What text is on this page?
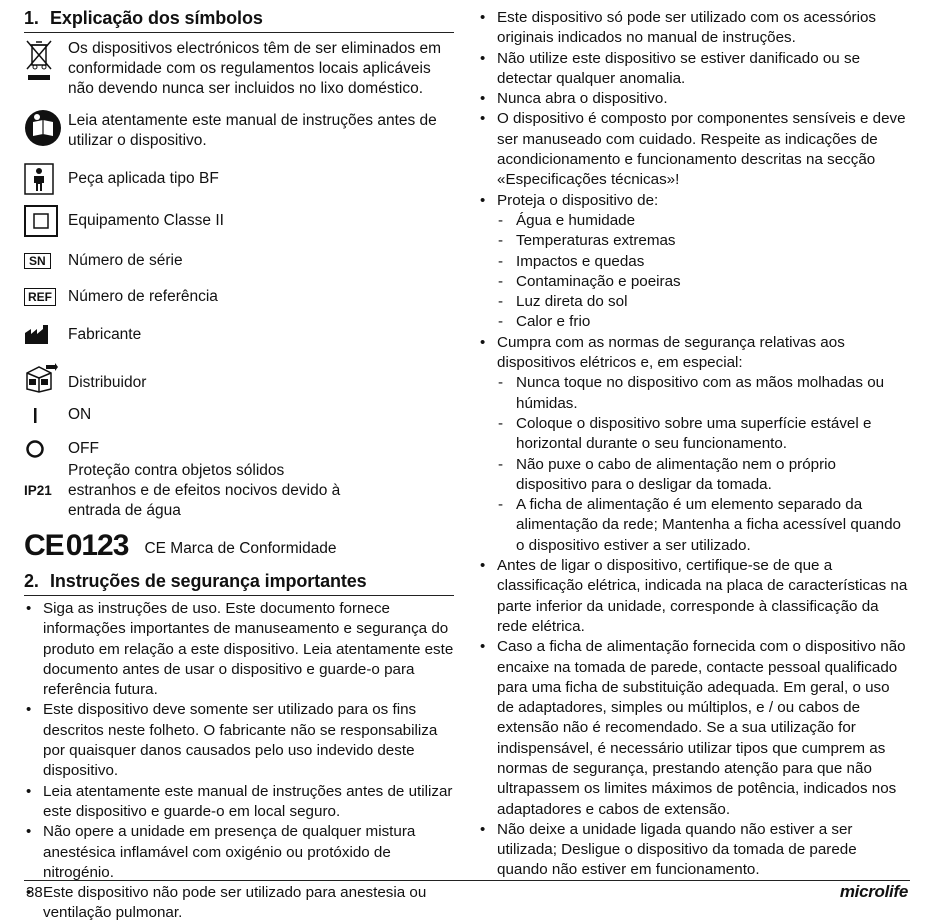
1. Explicação dos símbolos
Os dispositivos electrónicos têm de ser eliminados em conformidade com os regulamentos locais aplicáveis não devendo nunca ser incluidos no lixo doméstico.
Leia atentamente este manual de instruções antes de utilizar o dispositivo.
Peça aplicada tipo BF
Equipamento Classe II
SN	Número de série
REF Número de referência
Fabricante
Distribuidor
ON
OFF
IP21
Proteção contra objetos sólidos estranhos e de efeitos nocivos devido à entrada de água
CE 0123 CE Marca de Conformidade
2. Instruções de segurança importantes
• Siga as instruções de uso. Este documento fornece informações importantes de manuseamento e segurança do produto em relação a este dispositivo. Leia atentamente este documento antes de usar o dispositivo e guarde-o para referência futura.
• Este dispositivo deve somente ser utilizado para os fins descritos neste folheto. O fabricante não se responsabiliza por quaisquer danos causados pelo uso indevido deste dispositivo.
• Leia atentamente este manual de instruções antes de utilizar este dispositivo e guarde-o em local seguro.
• Não opere a unidade em presença de qualquer mistura anestésica inflamável com oxigénio ou protóxido de nitrogénio.
• Este dispositivo não pode ser utilizado para anestesia ou ventilação pulmonar.
• Este dispositivo só pode ser utilizado com os acessórios originais indicados no manual de instruções.
• Não utilize este dispositivo se estiver danificado ou se detectar qualquer anomalia.
• Nunca abra o dispositivo.
• O dispositivo é composto por componentes sensíveis e deve ser manuseado com cuidado. Respeite as indicações de acondicionamento e funcionamento descritas na secção «Especificações técnicas»!
• Proteja o dispositivo de:
- Água e humidade
- Temperaturas extremas
- Impactos e quedas
- Contaminação e poeiras
- Luz direta do sol
- Calor e frio
• Cumpra com as normas de segurança relativas aos dispositivos elétricos e, em especial:
- Nunca toque no dispositivo com as mãos molhadas ou húmidas.
- Coloque o dispositivo sobre uma superfície estável e horizontal durante o seu funcionamento.
- Não puxe o cabo de alimentação nem o próprio dispositivo para o desligar da tomada.
- A ficha de alimentação é um elemento separado da alimentação da rede; Mantenha a ficha acessível quando o dispositivo estiver a ser utilizado.
• Antes de ligar o dispositivo, certifique-se de que a classificação elétrica, indicada na placa de características na parte inferior da unidade, corresponde à classificação da rede elétrica.
• Caso a ficha de alimentação fornecida com o dispositivo não encaixe na tomada de parede, contacte pessoal qualificado para uma ficha de substituição adequada. Em geral, o uso de adaptadores, simples ou múltiplos, e / ou cabos de extensão não é recomendado. Se a sua utilização for indispensável, é necessário utilizar tipos que cumprem as normas de segurança, prestando atenção para que não ultrapassem os limites máximos de potência, indicados nos adaptadores e cabos de extensão.
• Não deixe a unidade ligada quando não estiver a ser utilizada; Desligue o dispositivo da tomada de parede quando não estiver em funcionamento.
38	microlife
